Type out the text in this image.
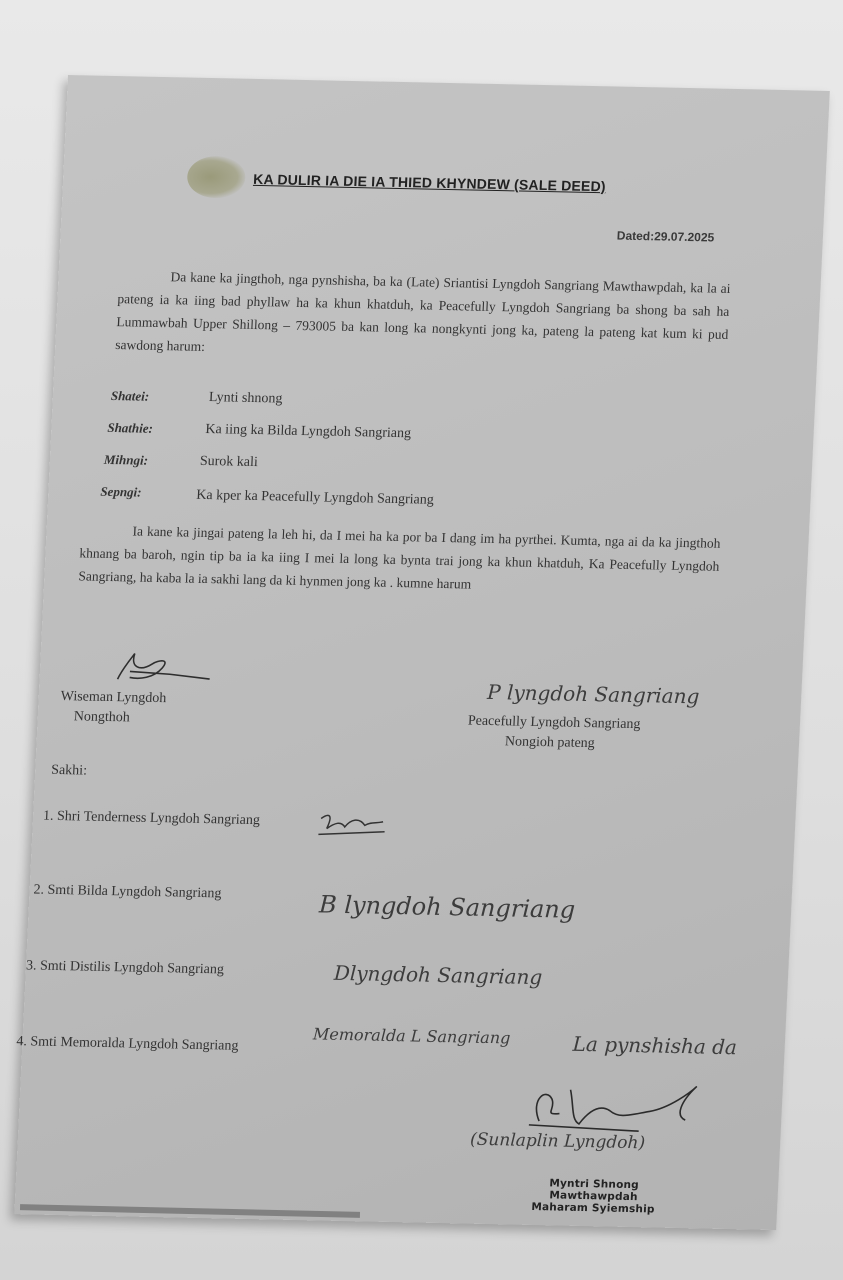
KA DULIR IA DIE IA THIED KHYNDEW (SALE DEED)
Dated:29.07.2025
Da kane ka jingthoh, nga pynshisha, ba ka (Late) Sriantisi Lyngdoh Sangriang Mawthawpdah, ka la ai pateng ia ka iing bad phyllaw ha ka khun khatduh, ka Peacefully Lyngdoh Sangriang ba shong ba sah ha Lummawbah Upper Shillong – 793005 ba kan long ka nongkynti jong ka, pateng la pateng kat kum ki pud sawdong harum:
Shatei:	Lynti shnong
Shathie:	Ka iing ka Bilda Lyngdoh Sangriang
Mihngi:	Surok kali
Sepngi:	Ka kper ka Peacefully Lyngdoh Sangriang
Ia kane ka jingai pateng la leh hi, da I mei ha ka por ba I dang im ha pyrthei. Kumta, nga ai da ka jingthoh khnang ba baroh, ngin tip ba ia ka iing I mei la long ka bynta trai jong ka khun khatduh, Ka Peacefully Lyngdoh Sangriang, ha kaba la ia sakhi lang da ki hynmen jong ka . kumne harum
Wiseman Lyngdoh
Nongthoh
P lyngdoh Sangriang
Peacefully Lyngdoh Sangriang
Nongioh pateng
Sakhi:
1. Shri Tenderness Lyngdoh Sangriang
2. Smti Bilda Lyngdoh Sangriang	B lyngdoh Sangriang
3. Smti Distilis Lyngdoh Sangriang	Dlyngdoh Sangriang
4. Smti Memoralda Lyngdoh Sangriang	Memoralda L Sangriang	La pynshisha da
(Sunlaplin Lyngdoh)
Myntri Shnong
Mawthawpdah
Maharam Syiemship
